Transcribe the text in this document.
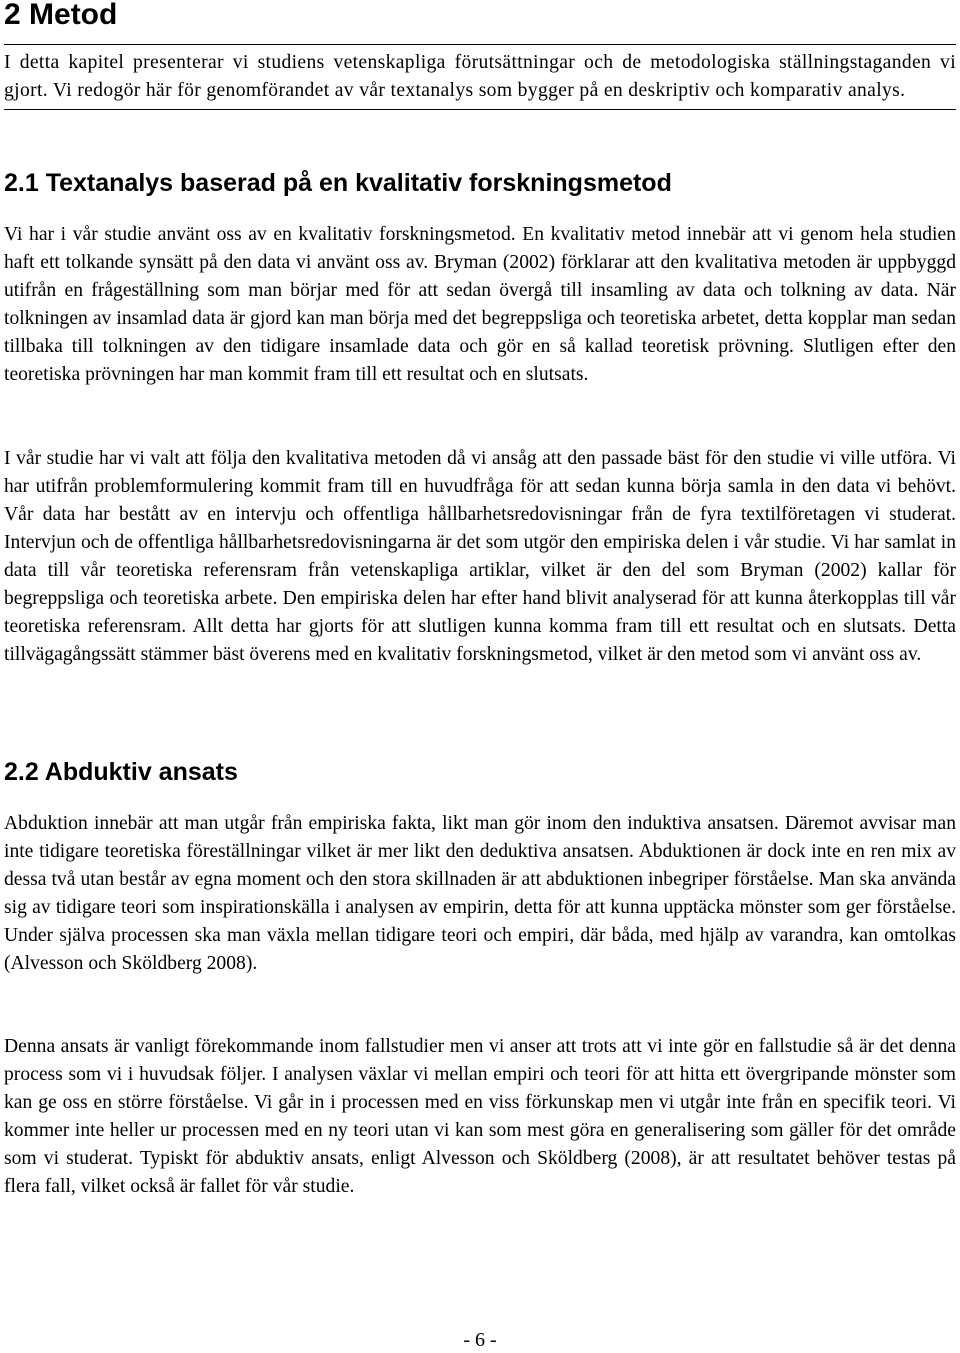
2 Metod

I detta kapitel presenterar vi studiens vetenskapliga förutsättningar och de metodologiska ställningstaganden vi gjort. Vi redogör här för genomförandet av vår textanalys som bygger på en deskriptiv och komparativ analys.

2.1 Textanalys baserad på en kvalitativ forskningsmetod

Vi har i vår studie använt oss av en kvalitativ forskningsmetod. En kvalitativ metod innebär att vi genom hela studien haft ett tolkande synsätt på den data vi använt oss av. Bryman (2002) förklarar att den kvalitativa metoden är uppbyggd utifrån en frågeställning som man börjar med för att sedan övergå till insamling av data och tolkning av data. När tolkningen av insamlad data är gjord kan man börja med det begreppsliga och teoretiska arbetet, detta kopplar man sedan tillbaka till tolkningen av den tidigare insamlade data och gör en så kallad teoretisk prövning. Slutligen efter den teoretiska prövningen har man kommit fram till ett resultat och en slutsats.

I vår studie har vi valt att följa den kvalitativa metoden då vi ansåg att den passade bäst för den studie vi ville utföra. Vi har utifrån problemformulering kommit fram till en huvudfråga för att sedan kunna börja samla in den data vi behövt. Vår data har bestått av en intervju och offentliga hållbarhetsredovisningar från de fyra textilföretagen vi studerat. Intervjun och de offentliga hållbarhetsredovisningarna är det som utgör den empiriska delen i vår studie. Vi har samlat in data till vår teoretiska referensram från vetenskapliga artiklar, vilket är den del som Bryman (2002) kallar för begreppsliga och teoretiska arbete. Den empiriska delen har efter hand blivit analyserad för att kunna återkopplas till vår teoretiska referensram. Allt detta har gjorts för att slutligen kunna komma fram till ett resultat och en slutsats. Detta tillvägagångssätt stämmer bäst överens med en kvalitativ forskningsmetod, vilket är den metod som vi använt oss av.

2.2 Abduktiv ansats

Abduktion innebär att man utgår från empiriska fakta, likt man gör inom den induktiva ansatsen. Däremot avvisar man inte tidigare teoretiska föreställningar vilket är mer likt den deduktiva ansatsen. Abduktionen är dock inte en ren mix av dessa två utan består av egna moment och den stora skillnaden är att abduktionen inbegriper förståelse. Man ska använda sig av tidigare teori som inspirationskälla i analysen av empirin, detta för att kunna upptäcka mönster som ger förståelse. Under själva processen ska man växla mellan tidigare teori och empiri, där båda, med hjälp av varandra, kan omtolkas (Alvesson och Sköldberg 2008).

Denna ansats är vanligt förekommande inom fallstudier men vi anser att trots att vi inte gör en fallstudie så är det denna process som vi i huvudsak följer. I analysen växlar vi mellan empiri och teori för att hitta ett övergripande mönster som kan ge oss en större förståelse. Vi går in i processen med en viss förkunskap men vi utgår inte från en specifik teori. Vi kommer inte heller ur processen med en ny teori utan vi kan som mest göra en generalisering som gäller för det område som vi studerat. Typiskt för abduktiv ansats, enligt Alvesson och Sköldberg (2008), är att resultatet behöver testas på flera fall, vilket också är fallet för vår studie.

- 6 -
